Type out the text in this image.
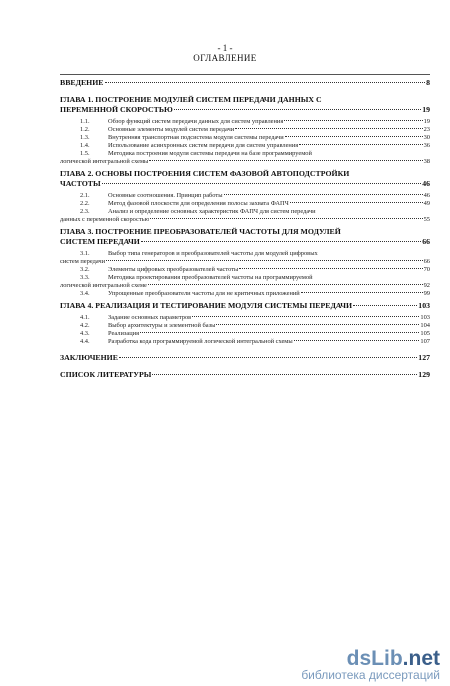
- 1 -
ОГЛАВЛЕНИЕ
ВВЕДЕНИЕ	8
ГЛАВА 1. ПОСТРОЕНИЕ МОДУЛЕЙ СИСТЕМ ПЕРЕДАЧИ ДАННЫХ С
ПЕРЕМЕННОЙ СКОРОСТЬЮ	19
1.1.	Обзор функций систем передачи данных для систем управления	19
1.2.	Основные элементы модулей систем передачи	23
1.3.	Внутренняя транспортная подсистема модуля системы передачи	30
1.4.	Использование асинхронных систем передачи для систем управления	36
1.5.	Методика построения модуля системы передачи на базе программируемой
логической интегральной схемы	38
ГЛАВА 2. ОСНОВЫ ПОСТРОЕНИЯ СИСТЕМ ФАЗОВОЙ АВТОПОДСТРОЙКИ
ЧАСТОТЫ	46
2.1.	Основные соотношения. Принцип работы	46
2.2.	Метод фазовой плоскости для определения полосы захвата ФАПЧ	49
2.3.	Анализ и определение основных характеристик ФАПЧ для систем передачи
данных с переменной скоростью	55
ГЛАВА 3. ПОСТРОЕНИЕ ПРЕОБРАЗОВАТЕЛЕЙ ЧАСТОТЫ ДЛЯ МОДУЛЕЙ
СИСТЕМ ПЕРЕДАЧИ	66
3.1.	Выбор типа генераторов и преобразователей частоты для модулей цифровых
систем передачи	66
3.2.	Элементы цифровых преобразователей частоты	70
3.3.	Методика проектирования преобразователей частоты на программируемой
логической интегральной схеме	92
3.4.	Упрощенные преобразователи частоты для не критичных приложений	99
ГЛАВА 4. РЕАЛИЗАЦИЯ И ТЕСТИРОВАНИЕ МОДУЛЯ СИСТЕМЫ ПЕРЕДАЧИ	103
4.1.	Задание основных параметров	103
4.2.	Выбор архитектуры и элементной базы	104
4.3.	Реализация	105
4.4.	Разработка кода программируемой логической интегральной схемы	107
ЗАКЛЮЧЕНИЕ	127
СПИСОК ЛИТЕРАТУРЫ	129
dsLib.net
библиотека диссертаций
